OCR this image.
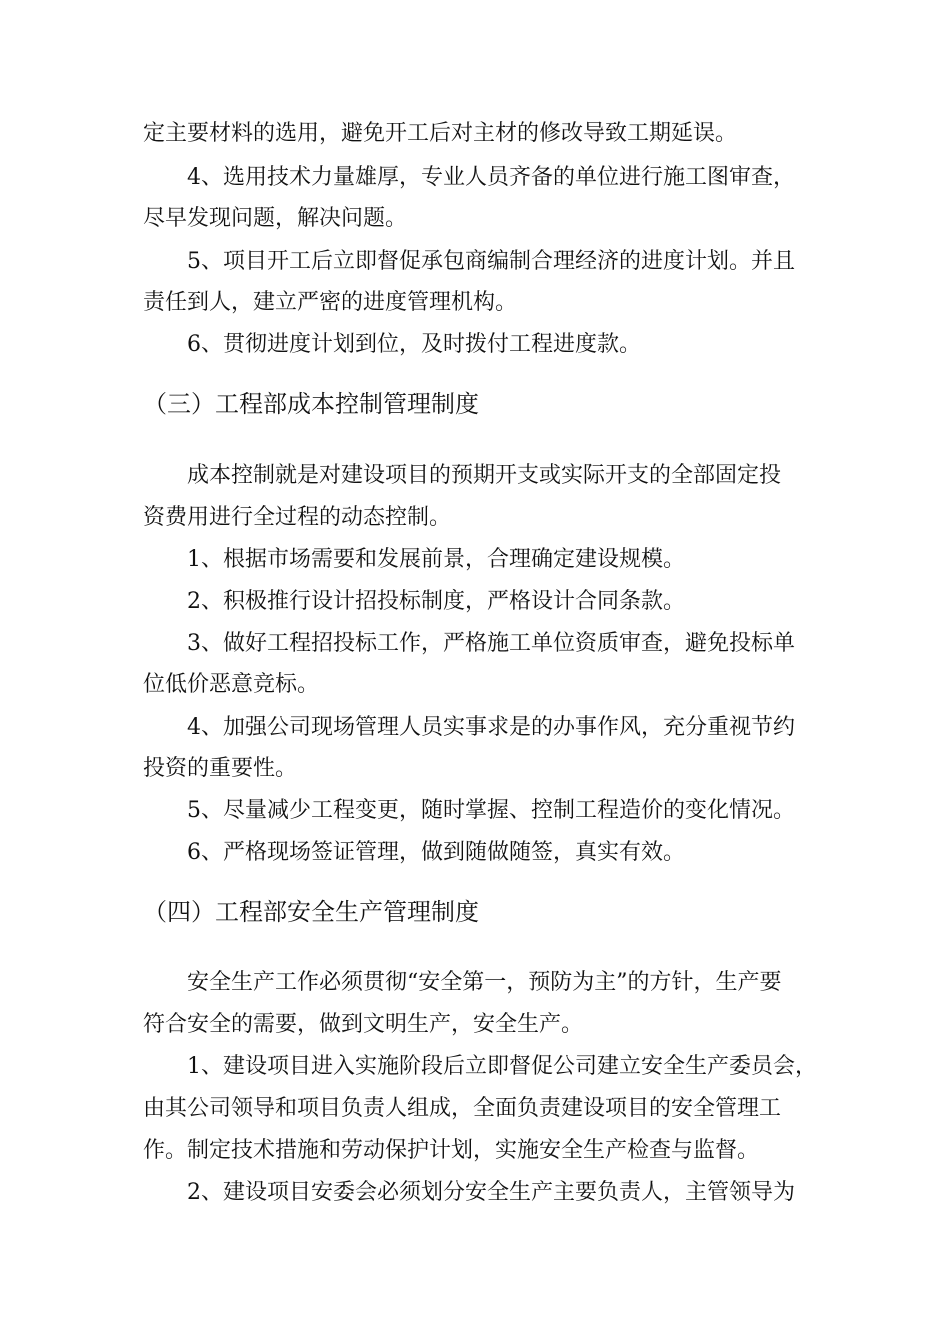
定主要材料的选用，避免开工后对主材的修改导致工期延误。
4、选用技术力量雄厚，专业人员齐备的单位进行施工图审查，
尽早发现问题，解决问题。
5、项目开工后立即督促承包商编制合理经济的进度计划。并且
责任到人，建立严密的进度管理机构。
6、贯彻进度计划到位，及时拨付工程进度款。
（三）工程部成本控制管理制度
成本控制就是对建设项目的预期开支或实际开支的全部固定投
资费用进行全过程的动态控制。
1、根据市场需要和发展前景，合理确定建设规模。
2、积极推行设计招投标制度，严格设计合同条款。
3、做好工程招投标工作，严格施工单位资质审查，避免投标单
位低价恶意竞标。
4、加强公司现场管理人员实事求是的办事作风，充分重视节约
投资的重要性。
5、尽量减少工程变更，随时掌握、控制工程造价的变化情况。
6、严格现场签证管理，做到随做随签，真实有效。
（四）工程部安全生产管理制度
安全生产工作必须贯彻“安全第一，预防为主”的方针，生产要
符合安全的需要，做到文明生产，安全生产。
1、建设项目进入实施阶段后立即督促公司建立安全生产委员会，
由其公司领导和项目负责人组成，全面负责建设项目的安全管理工
作。制定技术措施和劳动保护计划，实施安全生产检查与监督。
2、建设项目安委会必须划分安全生产主要负责人，主管领导为
